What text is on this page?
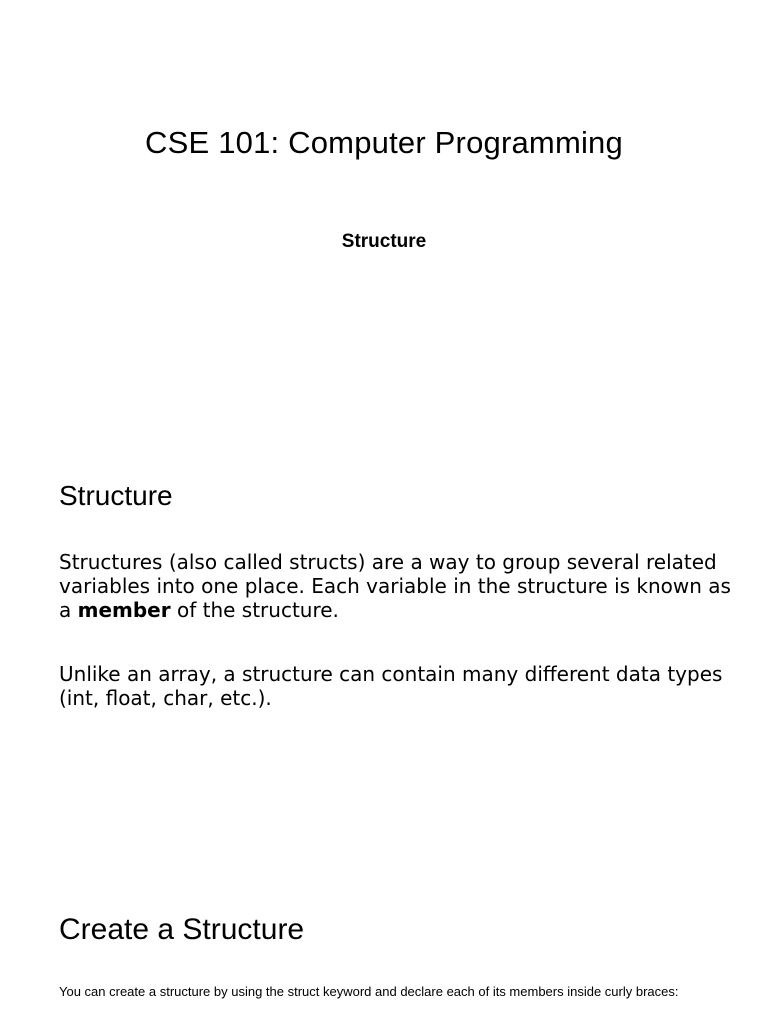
CSE 101: Computer Programming
Structure
Structure

Structures (also called structs) are a way to group several related variables into one place. Each variable in the structure is known as a member of the structure.

Unlike an array, a structure can contain many different data types (int, float, char, etc.).

Create a Structure

You can create a structure by using the struct keyword and declare each of its members inside curly braces:
